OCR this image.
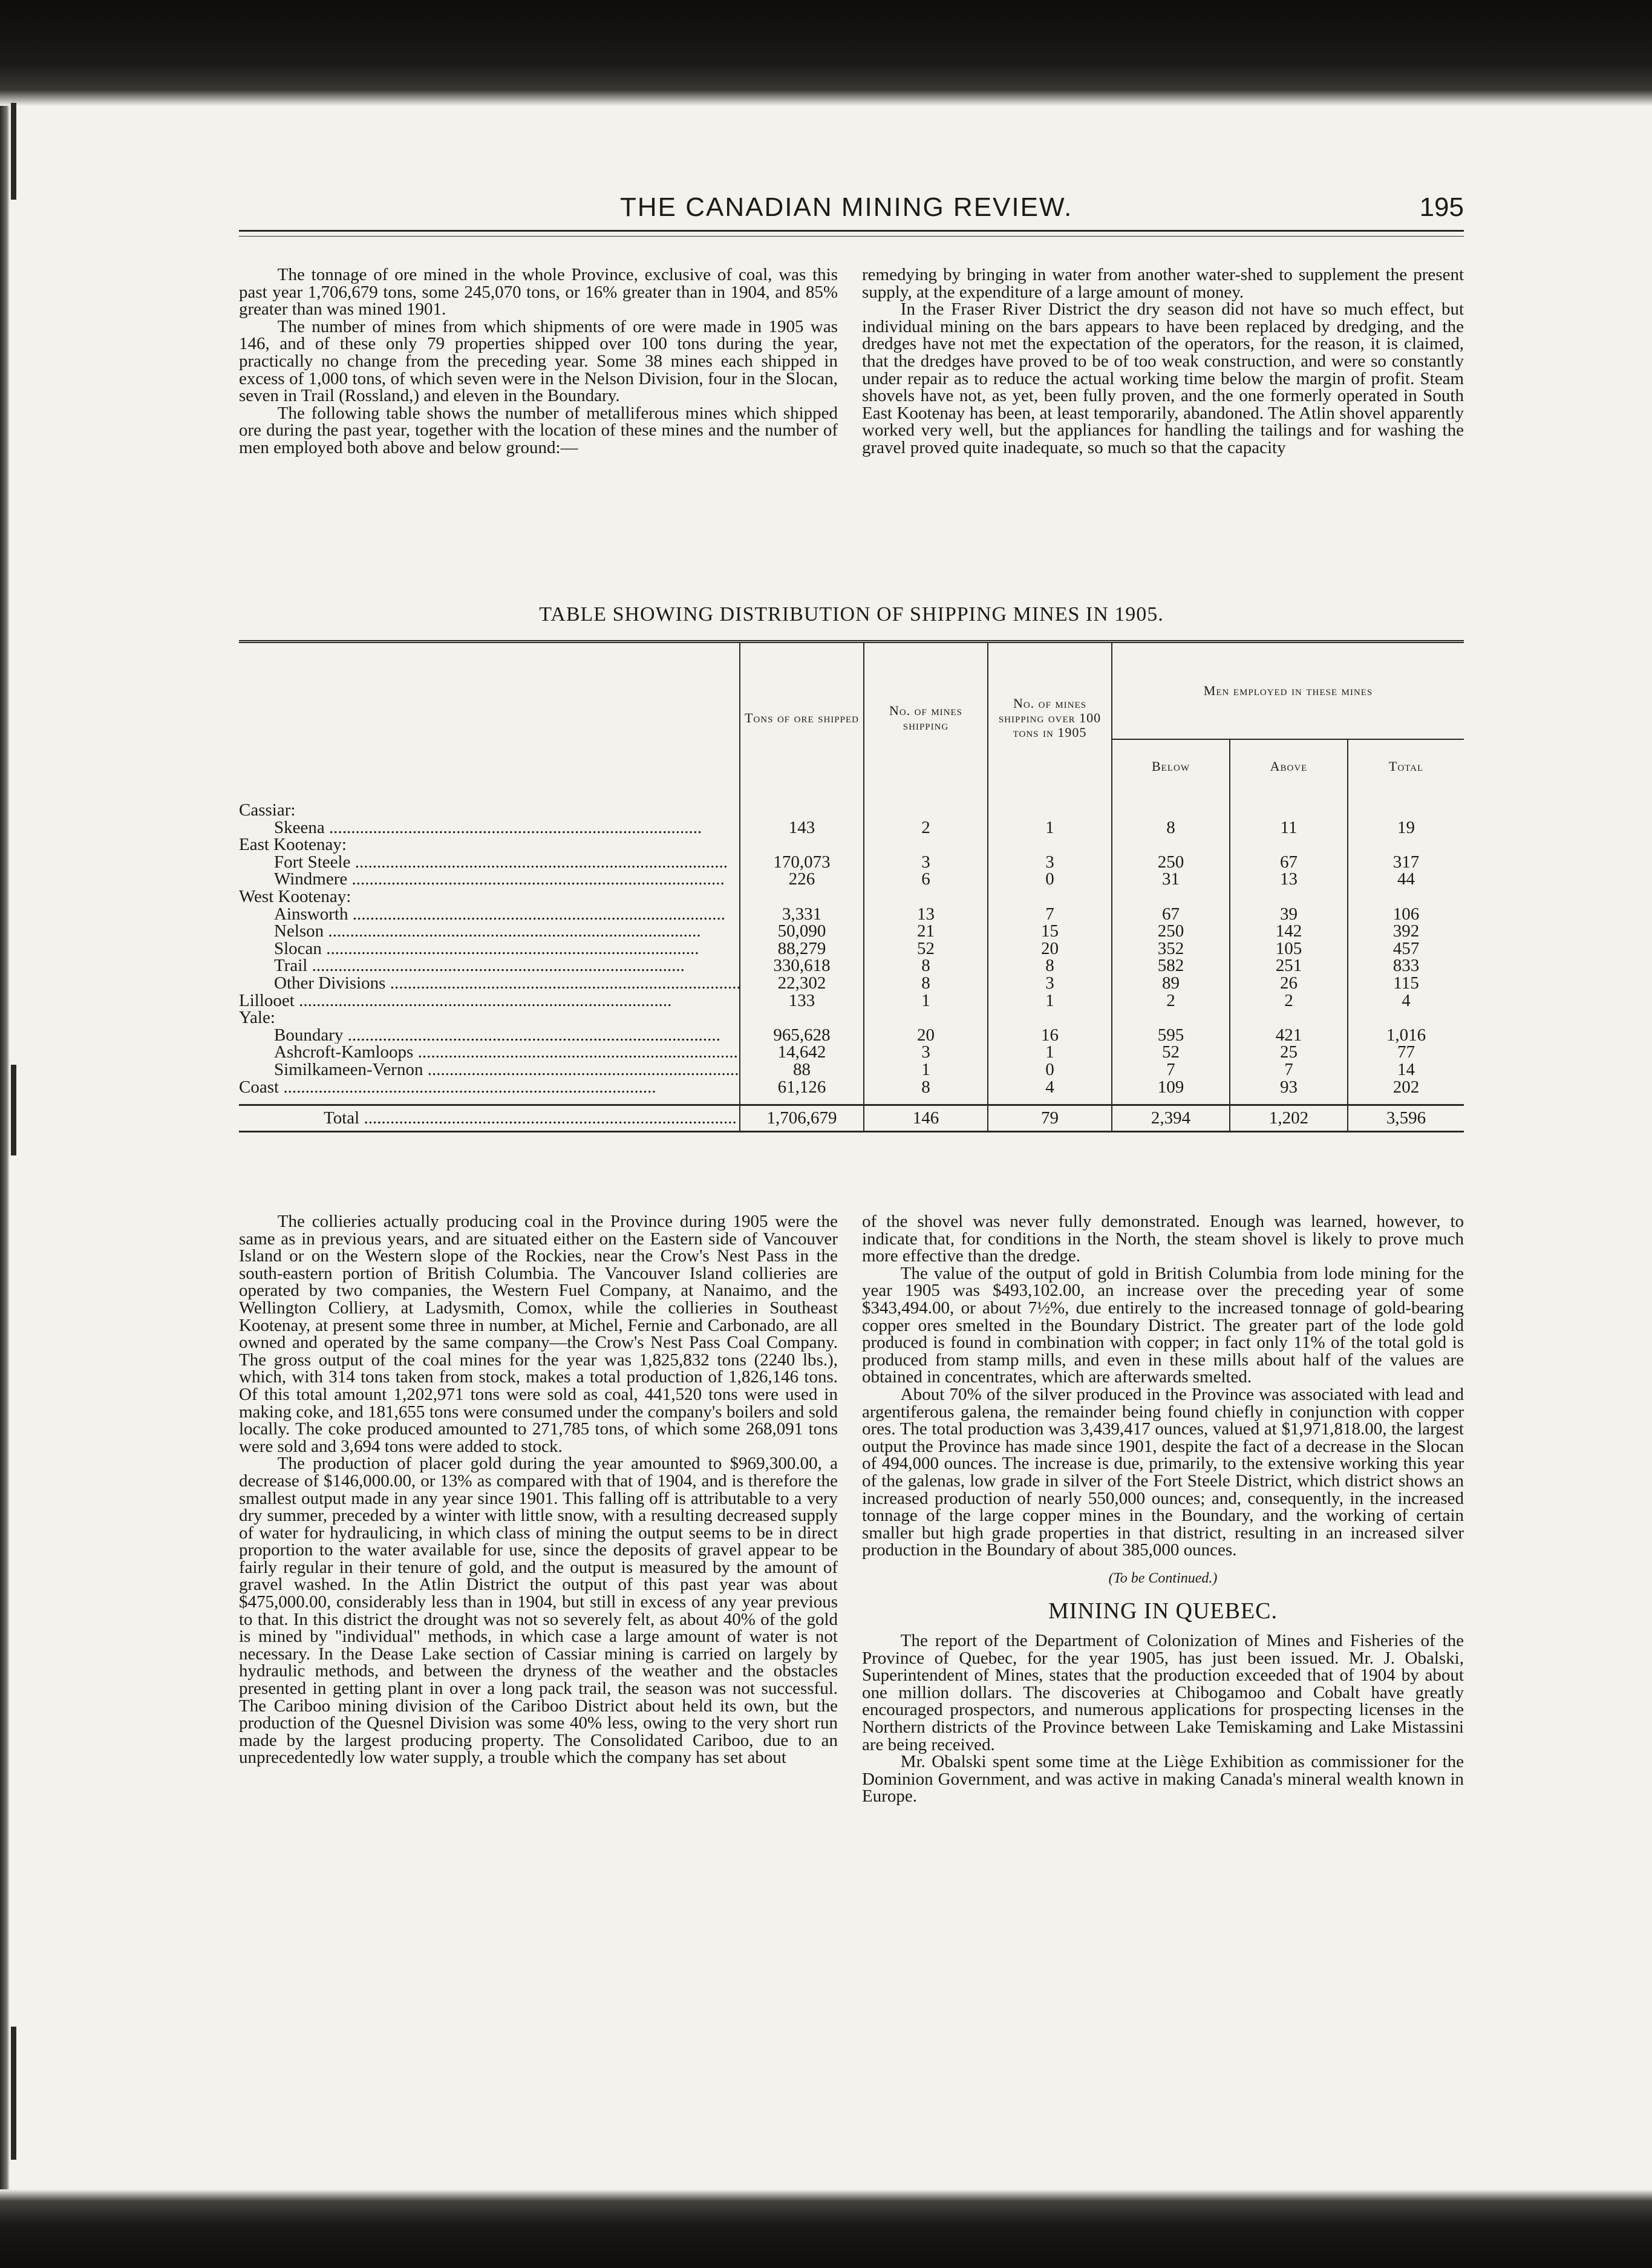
THE CANADIAN MINING REVIEW.	195

The tonnage of ore mined in the whole Province, exclusive of coal, was this past year 1,706,679 tons, some 245,070 tons, or 16% greater than in 1904, and 85% greater than was mined 1901.

The number of mines from which shipments of ore were made in 1905 was 146, and of these only 79 properties shipped over 100 tons during the year, practically no change from the preceding year. Some 38 mines each shipped in excess of 1,000 tons, of which seven were in the Nelson Division, four in the Slocan, seven in Trail (Rossland,) and eleven in the Boundary.

The following table shows the number of metalliferous mines which shipped ore during the past year, together with the location of these mines and the number of men employed both above and below ground:—

remedying by bringing in water from another water-shed to supplement the present supply, at the expenditure of a large amount of money.

In the Fraser River District the dry season did not have so much effect, but individual mining on the bars appears to have been replaced by dredging, and the dredges have not met the expectation of the operators, for the reason, it is claimed, that the dredges have proved to be of too weak construction, and were so constantly under repair as to reduce the actual working time below the margin of profit. Steam shovels have not, as yet, been fully proven, and the one formerly operated in South East Kootenay has been, at least temporarily, abandoned. The Atlin shovel apparently worked very well, but the appliances for handling the tailings and for washing the gravel proved quite inadequate, so much so that the capacity

TABLE SHOWING DISTRIBUTION OF SHIPPING MINES IN 1905.
	Tons of ore shipped	No. of mines shipping	No. of mines shipping over 100 tons in 1905	Men employed in these mines		
				Below	Above	Total

Cassiar:						
Skeena .....	143	2	1	8	11	19
East Kootenay:						
Fort Steele .....	170,073	3	3	250	67	317
Windmere .....	226	6	0	31	13	44
West Kootenay:						
Ainsworth .....	3,331	13	7	67	39	106
Nelson .....	50,090	21	15	250	142	392
Slocan .....	88,279	52	20	352	105	457
Trail .....	330,618	8	8	582	251	833
Other Divisions .....	22,302	8	3	89	26	115
Lillooet .....	133	1	1	2	2	4
Yale:						
Boundary .....	965,628	20	16	595	421	1,016
Ashcroft-Kamloops .....	14,642	3	1	52	25	77
Similkameen-Vernon .....	88	1	0	7	7	14
Coast .....	61,126	8	4	109	93	202

Total .....	1,706,679	146	79	2,394	1,202	3,596

The collieries actually producing coal in the Province during 1905 were the same as in previous years, and are situated either on the Eastern side of Vancouver Island or on the Western slope of the Rockies, near the Crow's Nest Pass in the south-eastern portion of British Columbia. The Vancouver Island collieries are operated by two companies, the Western Fuel Company, at Nanaimo, and the Wellington Colliery, at Ladysmith, Comox, while the collieries in Southeast Kootenay, at present some three in number, at Michel, Fernie and Carbonado, are all owned and operated by the same company—the Crow's Nest Pass Coal Company. The gross output of the coal mines for the year was 1,825,832 tons (2240 lbs.), which, with 314 tons taken from stock, makes a total production of 1,826,146 tons. Of this total amount 1,202,971 tons were sold as coal, 441,520 tons were used in making coke, and 181,655 tons were consumed under the company's boilers and sold locally. The coke produced amounted to 271,785 tons, of which some 268,091 tons were sold and 3,694 tons were added to stock.

The production of placer gold during the year amounted to $969,300.00, a decrease of $146,000.00, or 13% as compared with that of 1904, and is therefore the smallest output made in any year since 1901. This falling off is attributable to a very dry summer, preceded by a winter with little snow, with a resulting decreased supply of water for hydraulicing, in which class of mining the output seems to be in direct proportion to the water available for use, since the deposits of gravel appear to be fairly regular in their tenure of gold, and the output is measured by the amount of gravel washed. In the Atlin District the output of this past year was about $475,000.00, considerably less than in 1904, but still in excess of any year previous to that. In this district the drought was not so severely felt, as about 40% of the gold is mined by "individual" methods, in which case a large amount of water is not necessary. In the Dease Lake section of Cassiar mining is carried on largely by hydraulic methods, and between the dryness of the weather and the obstacles presented in getting plant in over a long pack trail, the season was not successful. The Cariboo mining division of the Cariboo District about held its own, but the production of the Quesnel Division was some 40% less, owing to the very short run made by the largest producing property. The Consolidated Cariboo, due to an unprecedentedly low water supply, a trouble which the company has set about

of the shovel was never fully demonstrated. Enough was learned, however, to indicate that, for conditions in the North, the steam shovel is likely to prove much more effective than the dredge.

The value of the output of gold in British Columbia from lode mining for the year 1905 was $493,102.00, an increase over the preceding year of some $343,494.00, or about 7½%, due entirely to the increased tonnage of gold-bearing copper ores smelted in the Boundary District. The greater part of the lode gold produced is found in combination with copper; in fact only 11% of the total gold is produced from stamp mills, and even in these mills about half of the values are obtained in concentrates, which are afterwards smelted.

About 70% of the silver produced in the Province was associated with lead and argentiferous galena, the remainder being found chiefly in conjunction with copper ores. The total production was 3,439,417 ounces, valued at $1,971,818.00, the largest output the Province has made since 1901, despite the fact of a decrease in the Slocan of 494,000 ounces. The increase is due, primarily, to the extensive working this year of the galenas, low grade in silver of the Fort Steele District, which district shows an increased production of nearly 550,000 ounces; and, consequently, in the increased tonnage of the large copper mines in the Boundary, and the working of certain smaller but high grade properties in that district, resulting in an increased silver production in the Boundary of about 385,000 ounces.

(To be Continued.)
MINING IN QUEBEC.

The report of the Department of Colonization of Mines and Fisheries of the Province of Quebec, for the year 1905, has just been issued. Mr. J. Obalski, Superintendent of Mines, states that the production exceeded that of 1904 by about one million dollars. The discoveries at Chibogamoo and Cobalt have greatly encouraged prospectors, and numerous applications for prospecting licenses in the Northern districts of the Province between Lake Temiskaming and Lake Mistassini are being received.

Mr. Obalski spent some time at the Liège Exhibition as commissioner for the Dominion Government, and was active in making Canada's mineral wealth known in Europe.
